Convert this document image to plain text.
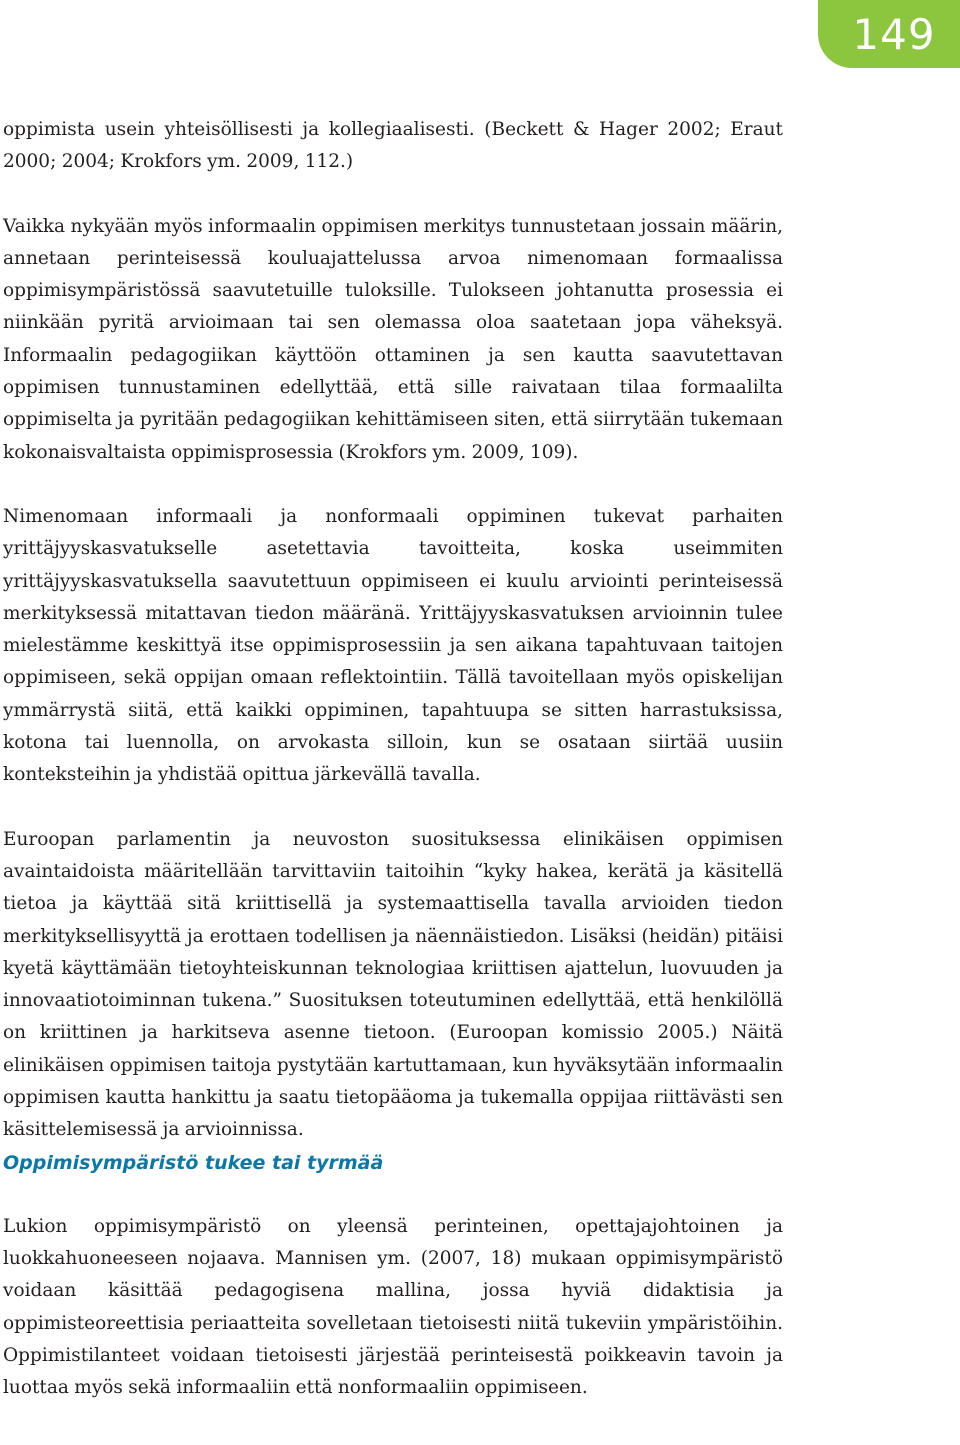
149

oppimista usein yhteisöllisesti ja kollegiaalisesti. (Beckett & Hager 2002; Eraut 2000; 2004; Krokfors ym. 2009, 112.)

Vaikka nykyään myös informaalin oppimisen merkitys tunnustetaan jossain määrin, annetaan perinteisessä kouluajattelussa arvoa nimenomaan formaalissa oppimisympäristössä saavutetuille tuloksille. Tulokseen johtanutta prosessia ei niinkään pyritä arvioimaan tai sen olemassa oloa saatetaan jopa väheksyä. Informaalin pedagogiikan käyttöön ottaminen ja sen kautta saavutettavan oppimisen tunnustaminen edellyttää, että sille raivataan tilaa formaalilta oppimiselta ja pyritään pedagogiikan kehittämiseen siten, että siirrytään tukemaan kokonaisvaltaista oppimisprosessia (Krokfors ym. 2009, 109).

Nimenomaan informaali ja nonformaali oppiminen tukevat parhaiten yrittäjyyskasvatukselle asetettavia tavoitteita, koska useimmiten yrittäjyyskasvatuksella saavutettuun oppimiseen ei kuulu arviointi perinteisessä merkityksessä mitattavan tiedon määränä. Yrittäjyyskasvatuksen arvioinnin tulee mielestämme keskittyä itse oppimisprosessiin ja sen aikana tapahtuvaan taitojen oppimiseen, sekä oppijan omaan reflektointiin. Tällä tavoitellaan myös opiskelijan ymmärrystä siitä, että kaikki oppiminen, tapahtuupa se sitten harrastuksissa, kotona tai luennolla, on arvokasta silloin, kun se osataan siirtää uusiin konteksteihin ja yhdistää opittua järkevällä tavalla.

Euroopan parlamentin ja neuvoston suosituksessa elinikäisen oppimisen avaintaidoista määritellään tarvittaviin taitoihin “kyky hakea, kerätä ja käsitellä tietoa ja käyttää sitä kriittisellä ja systemaattisella tavalla arvioiden tiedon merkityksellisyyttä ja erottaen todellisen ja näennäistiedon. Lisäksi (heidän) pitäisi kyetä käyttämään tietoyhteiskunnan teknologiaa kriittisen ajattelun, luovuuden ja innovaatiotoiminnan tukena.” Suosituksen toteutuminen edellyttää, että henkilöllä on kriittinen ja harkitseva asenne tietoon. (Euroopan komissio 2005.) Näitä elinikäisen oppimisen taitoja pystytään kartuttamaan, kun hyväksytään informaalin oppimisen kautta hankittu ja saatu tietopääoma ja tukemalla oppijaa riittävästi sen käsittelemisessä ja arvioinnissa.

Oppimisympäristö tukee tai tyrmää

Lukion oppimisympäristö on yleensä perinteinen, opettajajohtoinen ja luokkahuoneeseen nojaava. Mannisen ym. (2007, 18) mukaan oppimisympäristö voidaan käsittää pedagogisena mallina, jossa hyviä didaktisia ja oppimisteoreettisia periaatteita sovelletaan tietoisesti niitä tukeviin ympäristöihin. Oppimistilanteet voidaan tietoisesti järjestää perinteisestä poikkeavin tavoin ja luottaa myös sekä informaaliin että nonformaaliin oppimiseen.
